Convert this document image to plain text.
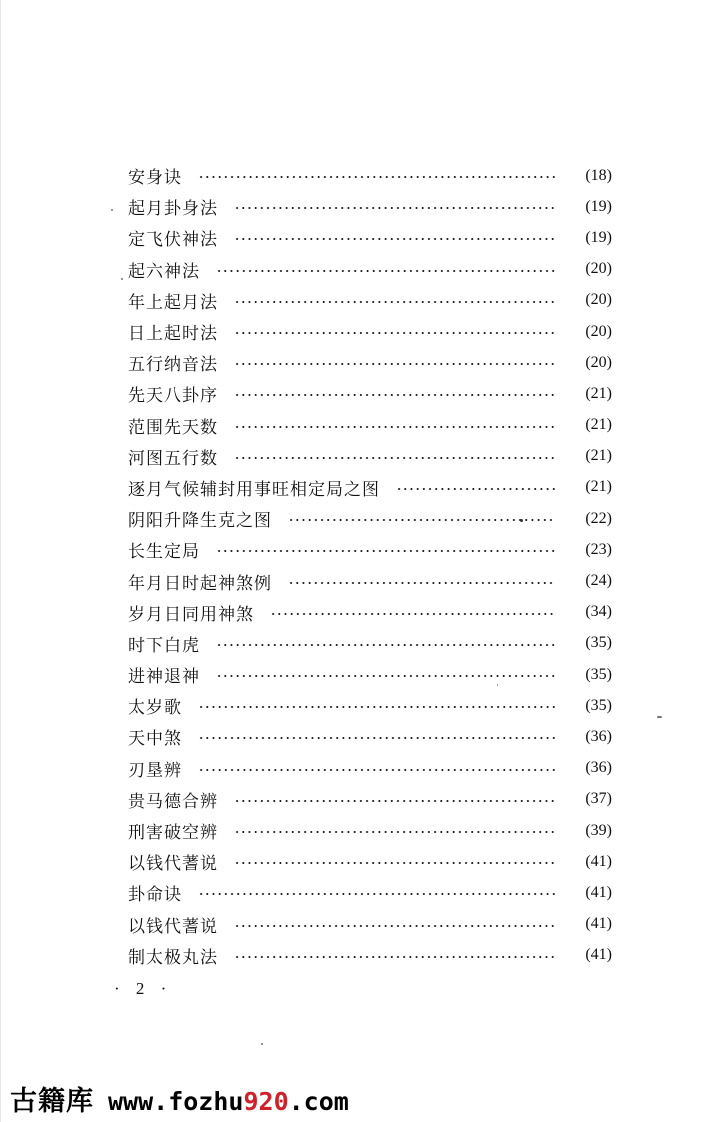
安身诀	(18)
起月卦身法	(19)
定飞伏神法	(19)
起六神法	(20)
年上起月法	(20)
日上起时法	(20)
五行纳音法	(20)
先天八卦序	(21)
范围先天数	(21)
河图五行数	(21)
逐月气候辅封用事旺相定局之图	(21)
阴阳升降生克之图	(22)
长生定局	(23)
年月日时起神煞例	(24)
岁月日同用神煞	(34)
时下白虎	(35)
进神退神	(35)
太岁歌	(35)
天中煞	(36)
刃垦辨	(36)
贵马德合辨	(37)
刑害破空辨	(39)
以钱代蓍说	(41)
卦命诀	(41)
以钱代蓍说	(41)
制太极丸法	(41)
· 2 ·
古籍库 www.fozhu920.com
